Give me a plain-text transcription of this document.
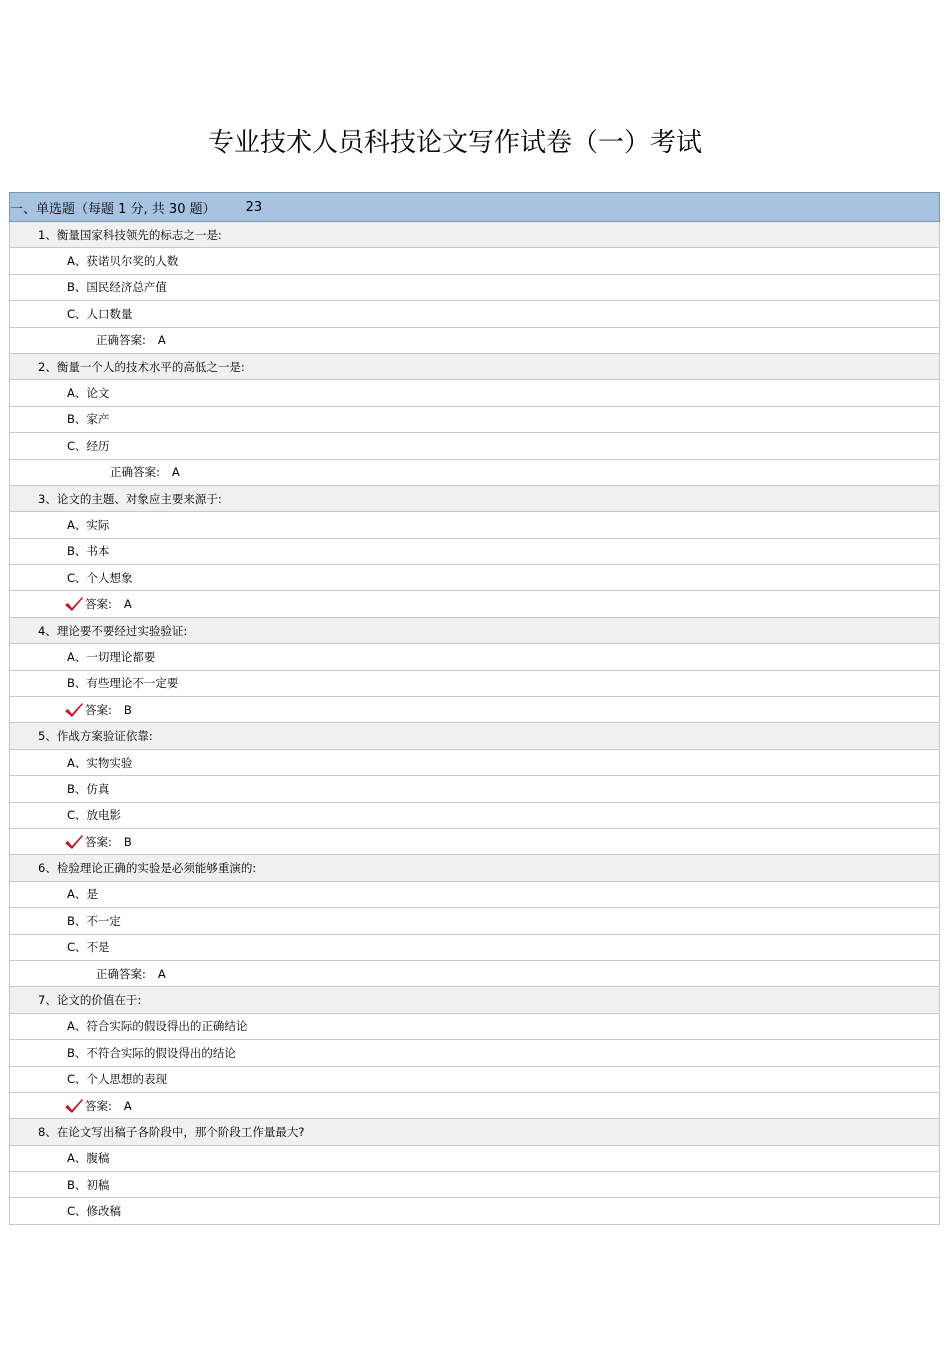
专业技术人员科技论文写作试卷（一）考试
一、单选题（每题 1 分, 共 30 题） 23
1、衡量国家科技领先的标志之一是:
A、获诺贝尔奖的人数
B、国民经济总产值
C、人口数量
正确答案: A
2、衡量一个人的技术水平的高低之一是:
A、论文
B、家产
C、经历
正确答案: A
3、论文的主题、对象应主要来源于:
A、实际
B、书本
C、个人想象
答案: A
4、理论要不要经过实验验证:
A、一切理论都要
B、有些理论不一定要
答案: B
5、作战方案验证依靠:
A、实物实验
B、仿真
C、放电影
答案: B
6、检验理论正确的实验是必须能够重演的:
A、是
B、不一定
C、不是
正确答案: A
7、论文的价值在于:
A、符合实际的假设得出的正确结论
B、不符合实际的假设得出的结论
C、个人思想的表现
答案: A
8、在论文写出稿子各阶段中，那个阶段工作量最大?
A、腹稿
B、初稿
C、修改稿
